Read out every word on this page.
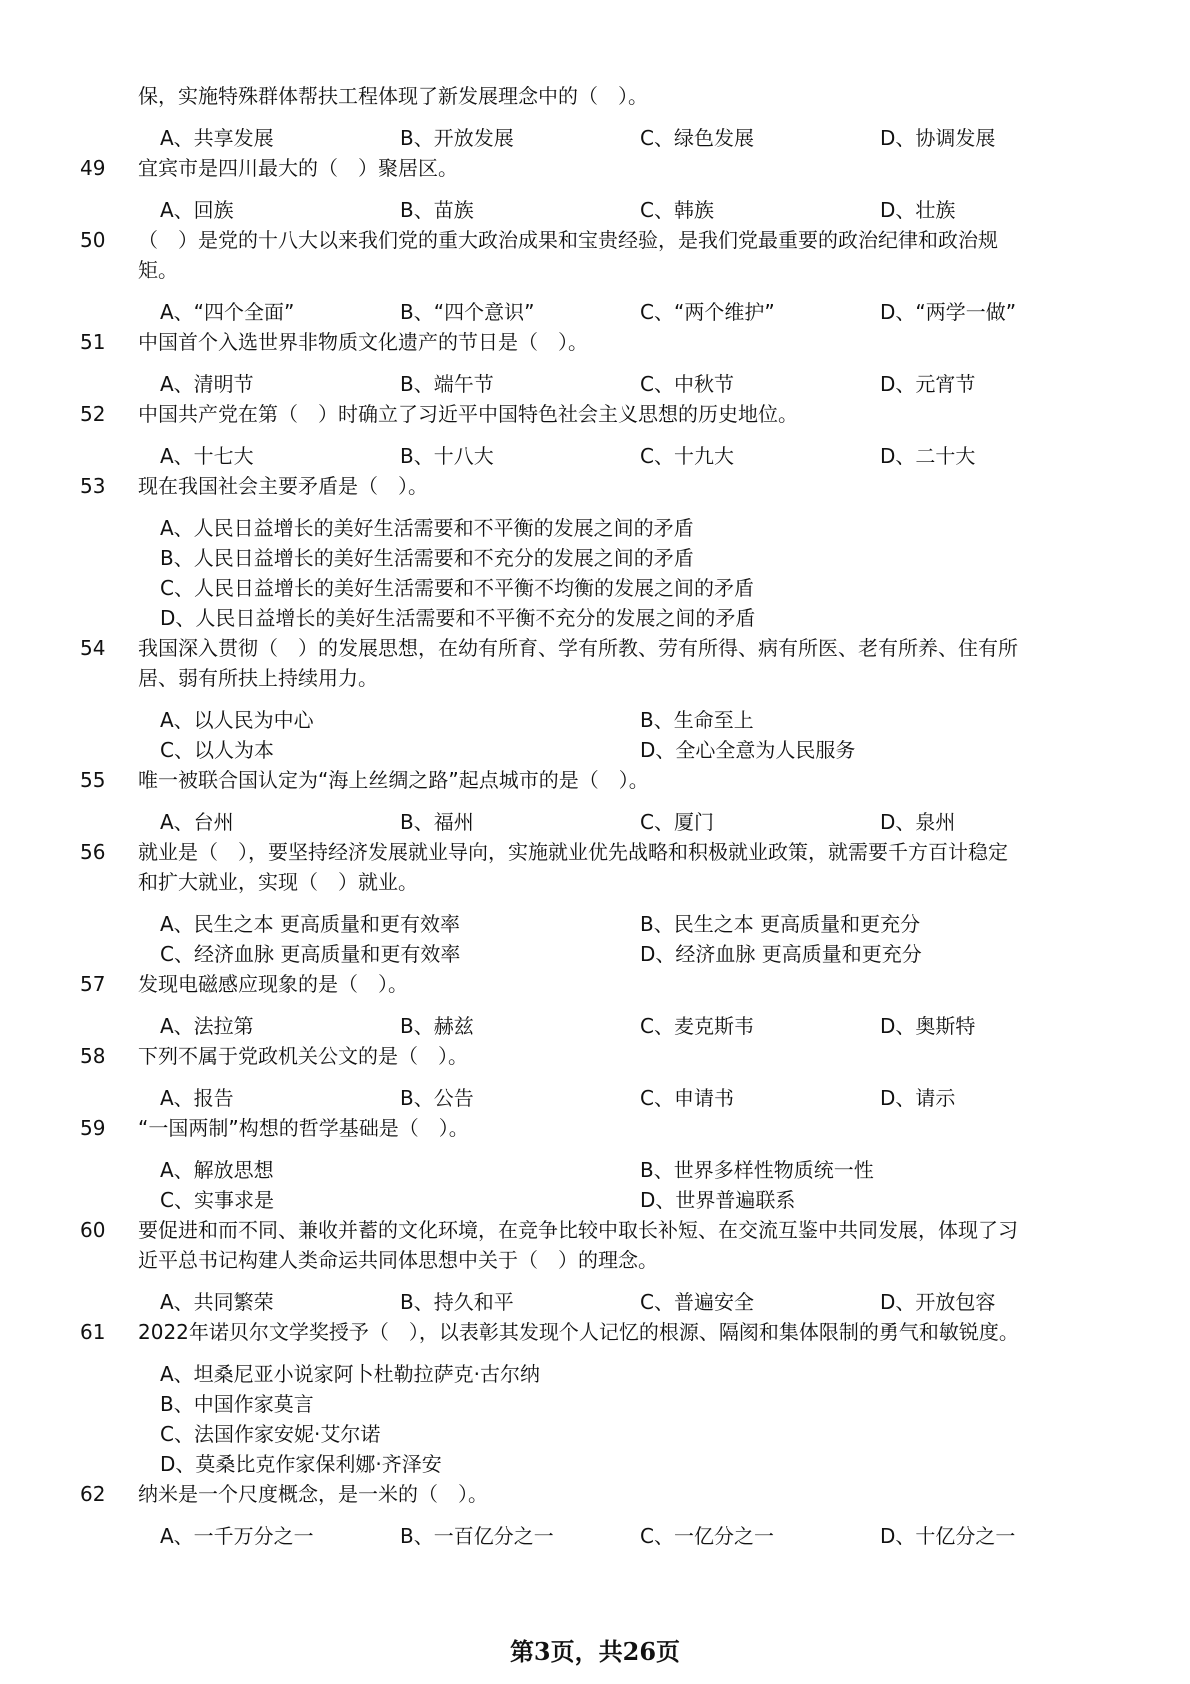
保，实施特殊群体帮扶工程体现了新发展理念中的（　）。
A、共享发展	B、开放发展	C、绿色发展	D、协调发展
49 宜宾市是四川最大的（　）聚居区。
A、回族	B、苗族	C、韩族	D、壮族
50 （　）是党的十八大以来我们党的重大政治成果和宝贵经验，是我们党最重要的政治纪律和政治规
矩。
A、“四个全面”	B、“四个意识”	C、“两个维护”	D、“两学一做”
51 中国首个入选世界非物质文化遗产的节日是（　）。
A、清明节	B、端午节	C、中秋节	D、元宵节
52 中国共产党在第（　）时确立了习近平中国特色社会主义思想的历史地位。
A、十七大	B、十八大	C、十九大	D、二十大
53 现在我国社会主要矛盾是（　）。
A、人民日益增长的美好生活需要和不平衡的发展之间的矛盾
B、人民日益增长的美好生活需要和不充分的发展之间的矛盾
C、人民日益增长的美好生活需要和不平衡不均衡的发展之间的矛盾
D、人民日益增长的美好生活需要和不平衡不充分的发展之间的矛盾
54 我国深入贯彻（　）的发展思想，在幼有所育、学有所教、劳有所得、病有所医、老有所养、住有所
居、弱有所扶上持续用力。
A、以人民为中心	B、生命至上
C、以人为本	D、全心全意为人民服务
55 唯一被联合国认定为“海上丝绸之路”起点城市的是（　）。
A、台州	B、福州	C、厦门	D、泉州
56 就业是（　），要坚持经济发展就业导向，实施就业优先战略和积极就业政策，就需要千方百计稳定
和扩大就业，实现（　）就业。
A、民生之本 更高质量和更有效率	B、民生之本 更高质量和更充分
C、经济血脉 更高质量和更有效率	D、经济血脉 更高质量和更充分
57 发现电磁感应现象的是（　）。
A、法拉第	B、赫兹	C、麦克斯韦	D、奥斯特
58 下列不属于党政机关公文的是（　）。
A、报告	B、公告	C、申请书	D、请示
59 “一国两制”构想的哲学基础是（　）。
A、解放思想	B、世界多样性物质统一性
C、实事求是	D、世界普遍联系
60 要促进和而不同、兼收并蓄的文化环境，在竞争比较中取长补短、在交流互鉴中共同发展，体现了习
近平总书记构建人类命运共同体思想中关于（　）的理念。
A、共同繁荣	B、持久和平	C、普遍安全	D、开放包容
61 2022年诺贝尔文学奖授予（　），以表彰其发现个人记忆的根源、隔阂和集体限制的勇气和敏锐度。
A、坦桑尼亚小说家阿卜杜勒拉萨克·古尔纳
B、中国作家莫言
C、法国作家安妮·艾尔诺
D、莫桑比克作家保利娜·齐泽安
62 纳米是一个尺度概念，是一米的（　）。
A、一千万分之一	B、一百亿分之一	C、一亿分之一	D、十亿分之一
第3页，共26页
